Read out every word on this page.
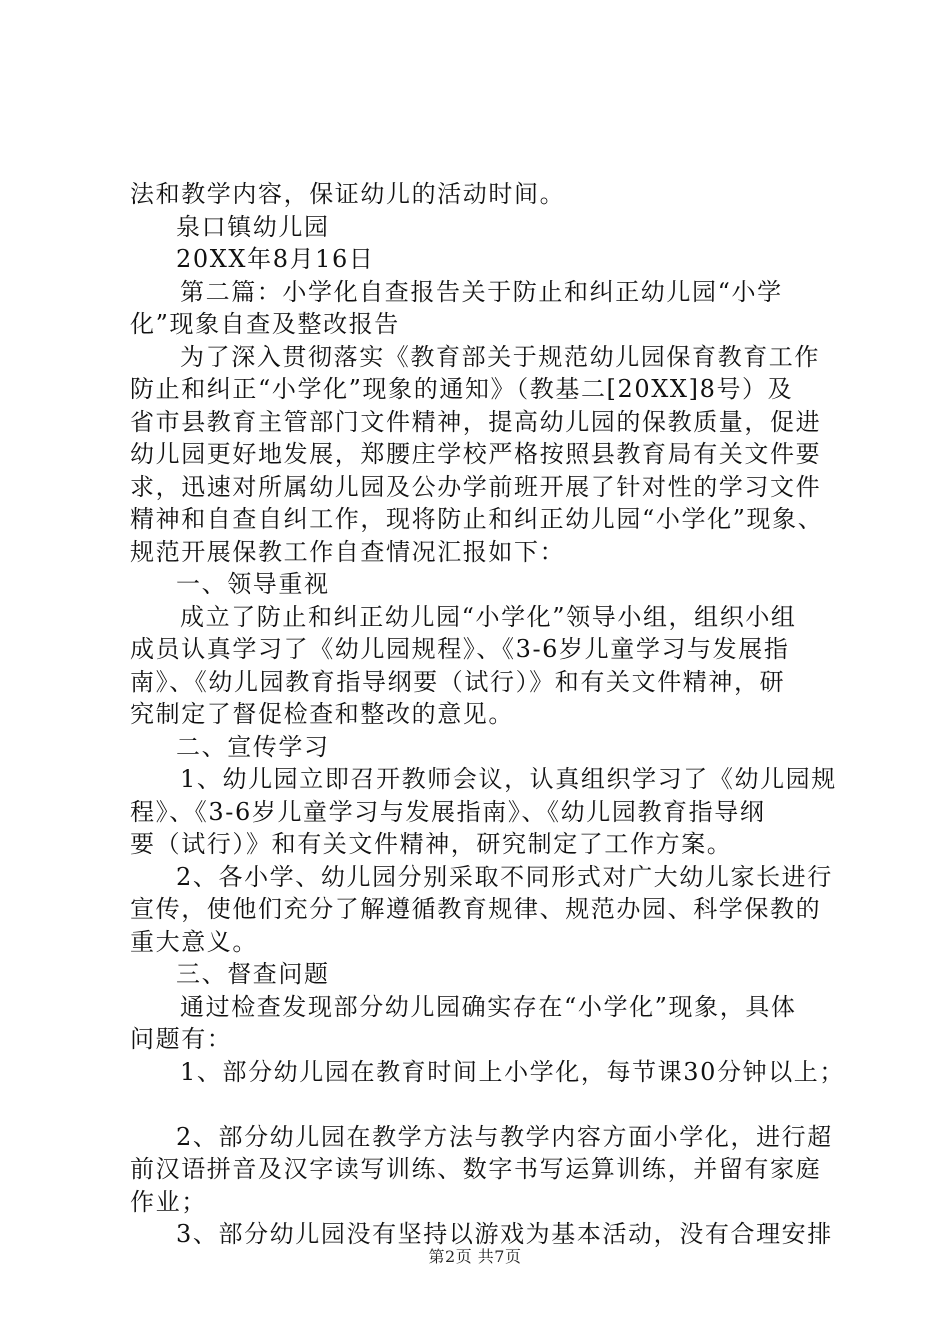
法和教学内容，保证幼儿的活动时间。
泉口镇幼儿园
20XX年8月16日
第二篇：小学化自查报告关于防止和纠正幼儿园“小学
化”现象自查及整改报告
为了深入贯彻落实《教育部关于规范幼儿园保育教育工作
防止和纠正“小学化”现象的通知》（教基二[20XX]8号）及
省市县教育主管部门文件精神，提高幼儿园的保教质量，促进
幼儿园更好地发展，郑腰庄学校严格按照县教育局有关文件要
求，迅速对所属幼儿园及公办学前班开展了针对性的学习文件
精神和自查自纠工作，现将防止和纠正幼儿园“小学化”现象、
规范开展保教工作自查情况汇报如下：
一、领导重视
成立了防止和纠正幼儿园“小学化”领导小组，组织小组
成员认真学习了《幼儿园规程》、《3-6岁儿童学习与发展指
南》、《幼儿园教育指导纲要（试行）》和有关文件精神，研
究制定了督促检查和整改的意见。
二、宣传学习
1、幼儿园立即召开教师会议，认真组织学习了《幼儿园规
程》、《3-6岁儿童学习与发展指南》、《幼儿园教育指导纲
要（试行）》和有关文件精神，研究制定了工作方案。
2、各小学、幼儿园分别采取不同形式对广大幼儿家长进行
宣传，使他们充分了解遵循教育规律、规范办园、科学保教的
重大意义。
三、督查问题
通过检查发现部分幼儿园确实存在“小学化”现象，具体
问题有：
1、部分幼儿园在教育时间上小学化，每节课30分钟以上；
2、部分幼儿园在教学方法与教学内容方面小学化，进行超
前汉语拼音及汉字读写训练、数字书写运算训练，并留有家庭
作业；
3、部分幼儿园没有坚持以游戏为基本活动，没有合理安排
第2页 共7页
